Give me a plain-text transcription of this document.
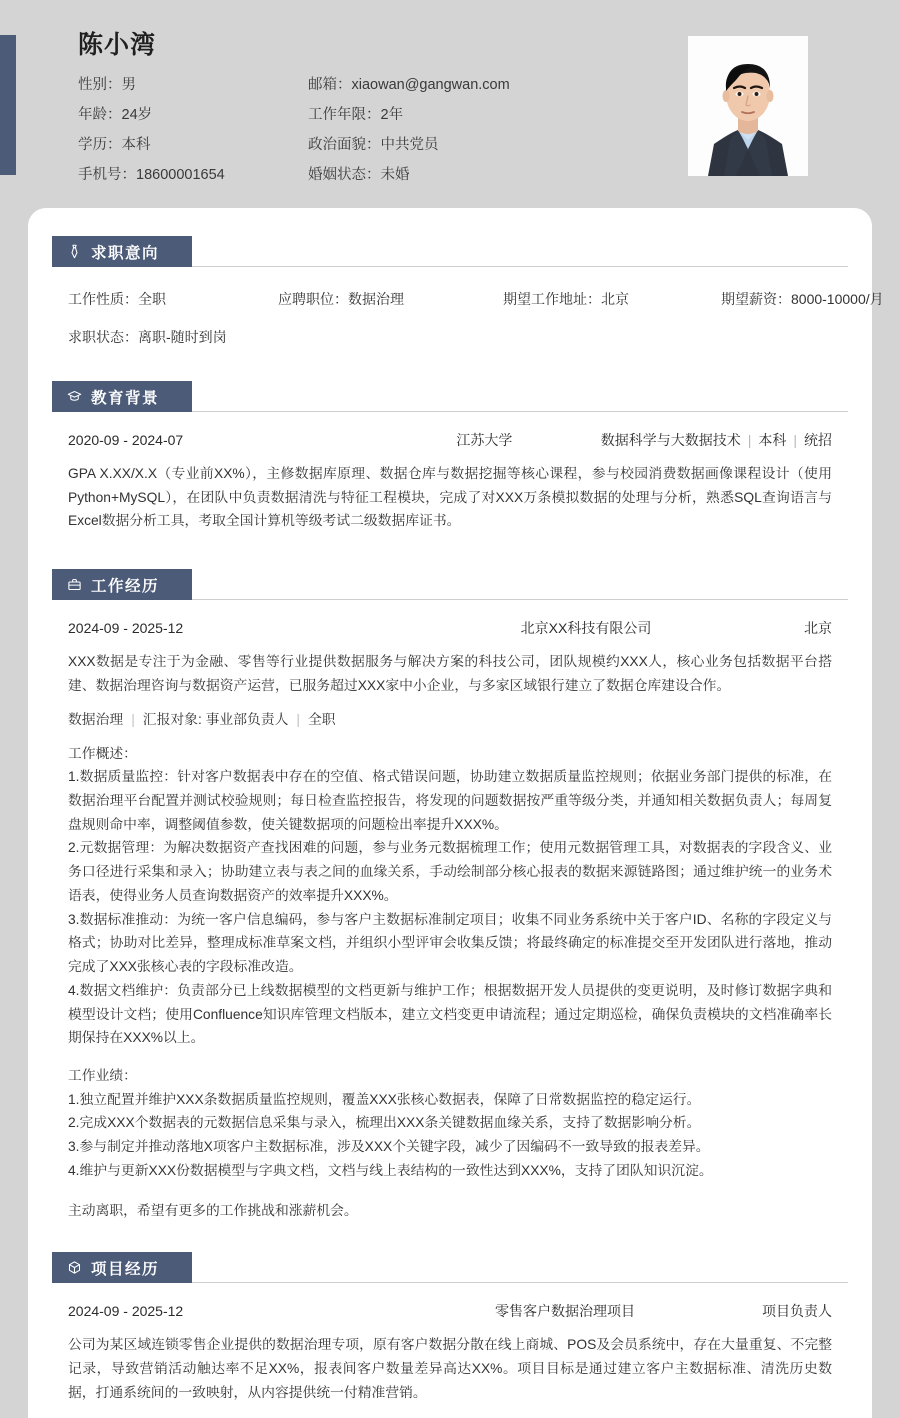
陈小湾
性别：男	邮箱：xiaowan@gangwan.com
年龄：24岁	工作年限：2年
学历：本科	政治面貌：中共党员
手机号：18600001654	婚姻状态：未婚
求职意向
工作性质：全职	应聘职位：数据治理	期望工作地址：北京	期望薪资：8000-10000/月
求职状态：离职-随时到岗
教育背景
2020-09 - 2024-07	江苏大学	数据科学与大数据技术 | 本科 | 统招
GPA X.XX/X.X（专业前XX%），主修数据库原理、数据仓库与数据挖掘等核心课程，参与校园消费数据画像课程设计（使用Python+MySQL），在团队中负责数据清洗与特征工程模块，完成了对XXX万条模拟数据的处理与分析，熟悉SQL查询语言与Excel数据分析工具，考取全国计算机等级考试二级数据库证书。
工作经历
2024-09 - 2025-12	北京XX科技有限公司	北京
XXX数据是专注于为金融、零售等行业提供数据服务与解决方案的科技公司，团队规模约XXX人，核心业务包括数据平台搭建、数据治理咨询与数据资产运营，已服务超过XXX家中小企业，与多家区域银行建立了数据仓库建设合作。
数据治理 | 汇报对象: 事业部负责人 | 全职
工作概述：
1.数据质量监控：针对客户数据表中存在的空值、格式错误问题，协助建立数据质量监控规则；依据业务部门提供的标准，在数据治理平台配置并测试校验规则；每日检查监控报告，将发现的问题数据按严重等级分类，并通知相关数据负责人；每周复盘规则命中率，调整阈值参数，使关键数据项的问题检出率提升XXX%。
2.元数据管理：为解决数据资产查找困难的问题，参与业务元数据梳理工作；使用元数据管理工具，对数据表的字段含义、业务口径进行采集和录入；协助建立表与表之间的血缘关系，手动绘制部分核心报表的数据来源链路图；通过维护统一的业务术语表，使得业务人员查询数据资产的效率提升XXX%。
3.数据标准推动：为统一客户信息编码，参与客户主数据标准制定项目；收集不同业务系统中关于客户ID、名称的字段定义与格式；协助对比差异，整理成标准草案文档，并组织小型评审会收集反馈；将最终确定的标准提交至开发团队进行落地，推动完成了XXX张核心表的字段标准改造。
4.数据文档维护：负责部分已上线数据模型的文档更新与维护工作；根据数据开发人员提供的变更说明，及时修订数据字典和模型设计文档；使用Confluence知识库管理文档版本，建立文档变更申请流程；通过定期巡检，确保负责模块的文档准确率长期保持在XXX%以上。
工作业绩：
1.独立配置并维护XXX条数据质量监控规则，覆盖XXX张核心数据表，保障了日常数据监控的稳定运行。
2.完成XXX个数据表的元数据信息采集与录入，梳理出XXX条关键数据血缘关系，支持了数据影响分析。
3.参与制定并推动落地X项客户主数据标准，涉及XXX个关键字段，减少了因编码不一致导致的报表差异。
4.维护与更新XXX份数据模型与字典文档，文档与线上表结构的一致性达到XXX%，支持了团队知识沉淀。
主动离职，希望有更多的工作挑战和涨薪机会。
项目经历
2024-09 - 2025-12	零售客户数据治理项目	项目负责人
公司为某区域连锁零售企业提供的数据治理专项，原有客户数据分散在线上商城、POS及会员系统中，存在大量重复、不完整记录，导致营销活动触达率不足XX%，报表间客户数量差异高达XX%。项目目标是通过建立客户主数据标准、清洗历史数据，打通系统间的一致映射，从内容提供统一付精准营销。
